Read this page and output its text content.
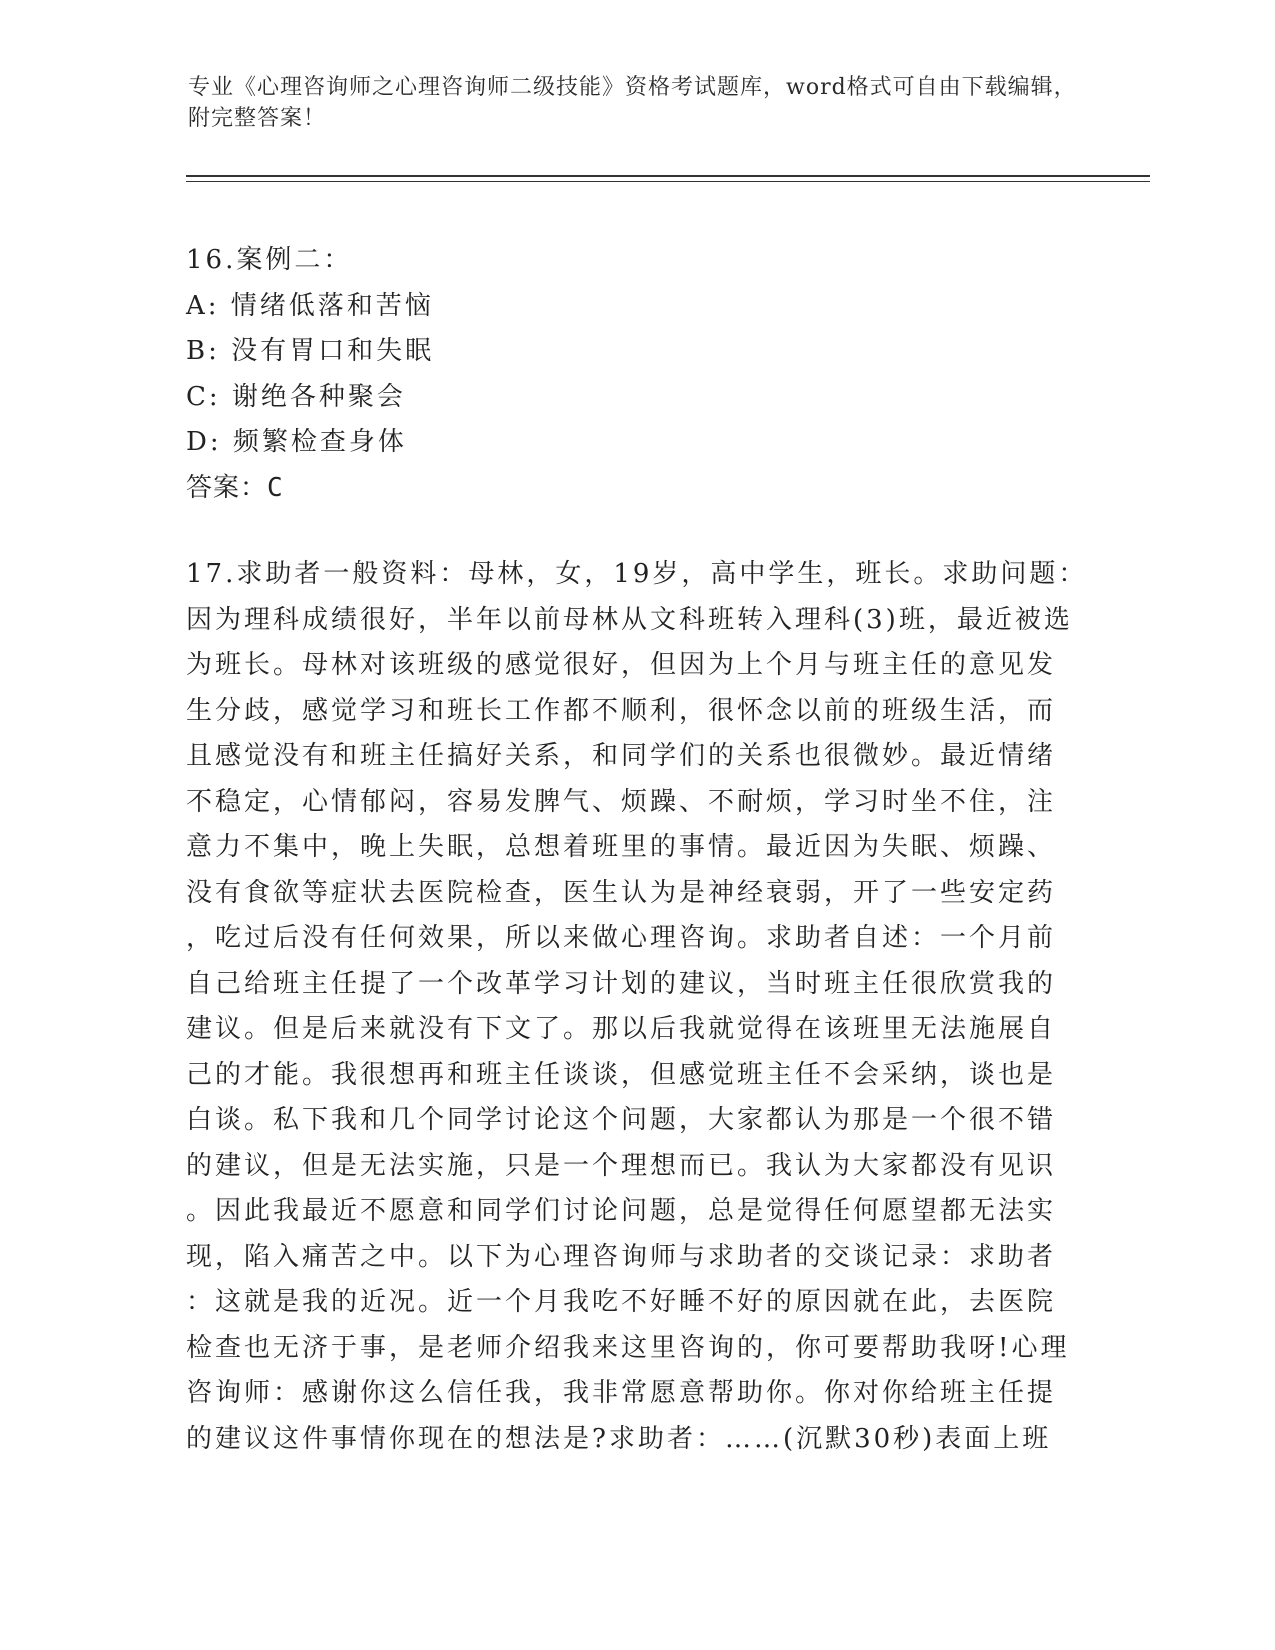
专业《心理咨询师之心理咨询师二级技能》资格考试题库，word格式可自由下载编辑，附完整答案！
16.案例二：
A: 情绪低落和苦恼
B: 没有胃口和失眠
C: 谢绝各种聚会
D: 频繁检查身体
答案：C
17.求助者一般资料：母林，女，19岁，高中学生，班长。求助问题：
因为理科成绩很好，半年以前母林从文科班转入理科(3)班，最近被选
为班长。母林对该班级的感觉很好，但因为上个月与班主任的意见发
生分歧，感觉学习和班长工作都不顺利，很怀念以前的班级生活，而
且感觉没有和班主任搞好关系，和同学们的关系也很微妙。最近情绪
不稳定，心情郁闷，容易发脾气、烦躁、不耐烦，学习时坐不住，注
意力不集中，晚上失眠，总想着班里的事情。最近因为失眠、烦躁、
没有食欲等症状去医院检查，医生认为是神经衰弱，开了一些安定药
，吃过后没有任何效果，所以来做心理咨询。求助者自述：一个月前
自己给班主任提了一个改革学习计划的建议，当时班主任很欣赏我的
建议。但是后来就没有下文了。那以后我就觉得在该班里无法施展自
己的才能。我很想再和班主任谈谈，但感觉班主任不会采纳，谈也是
白谈。私下我和几个同学讨论这个问题，大家都认为那是一个很不错
的建议，但是无法实施，只是一个理想而已。我认为大家都没有见识
。因此我最近不愿意和同学们讨论问题，总是觉得任何愿望都无法实
现，陷入痛苦之中。以下为心理咨询师与求助者的交谈记录：求助者
：这就是我的近况。近一个月我吃不好睡不好的原因就在此，去医院
检查也无济于事，是老师介绍我来这里咨询的，你可要帮助我呀!心理
咨询师：感谢你这么信任我，我非常愿意帮助你。你对你给班主任提
的建议这件事情你现在的想法是?求助者：……(沉默30秒)表面上班
